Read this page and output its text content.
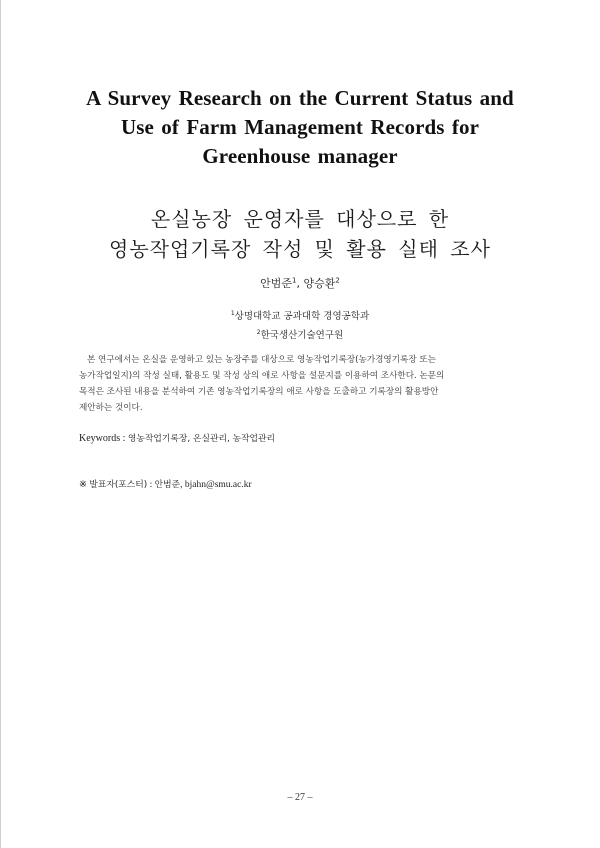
A Survey Research on the Current Status and
Use of Farm Management Records for
Greenhouse manager
온실농장 운영자를 대상으로 한
영농작업기록장 작성 및 활용 실태 조사
안범준$^1$, 양승환$^2$
$^1$상명대학교 공과대학 경영공학과
$^2$한국생산기술연구원
본 연구에서는 온실을 운영하고 있는 농장주를 대상으로 영농작업기록장(농가경영기록장 또는
농가작업일지)의 작성 실태, 활용도 및 작성 상의 애로 사항을 설문지를 이용하여 조사한다. 논문의
목적은 조사된 내용을 분석하여 기존 영농작업기록장의 애로 사항을 도출하고 기록장의 활용방안
제안하는 것이다.
Keywords : 영농작업기록장, 온실관리, 농작업관리
※ 발표자(포스터) : 안범준, bjahn@smu.ac.kr
– 27 –
